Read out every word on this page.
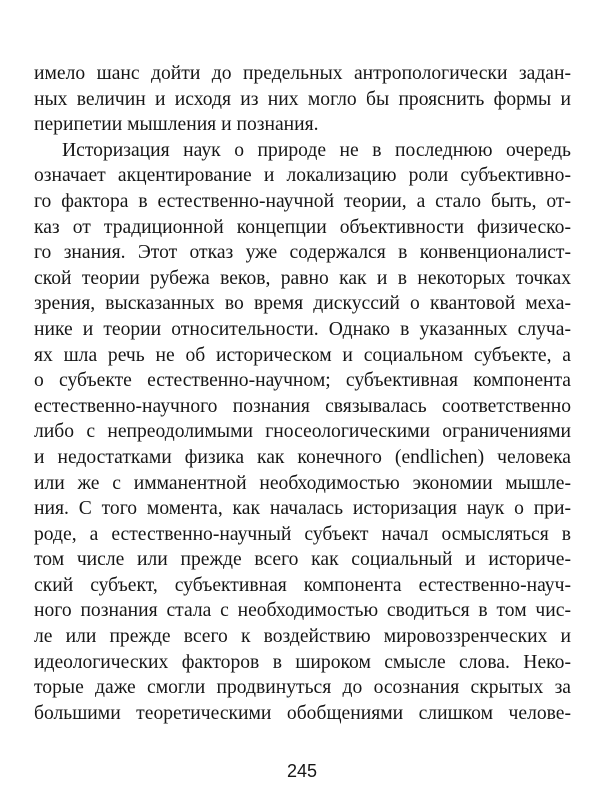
имело шанс дойти до предельных антропологически задан-
ных величин и исходя из них могло бы прояснить формы и
перипетии мышления и познания.
Историзация наук о природе не в последнюю очередь
означает акцентирование и локализацию роли субъективно-
го фактора в естественно-научной теории, а стало быть, от-
каз от традиционной концепции объективности физическо-
го знания. Этот отказ уже содержался в конвенционалист-
ской теории рубежа веков, равно как и в некоторых точках
зрения, высказанных во время дискуссий о квантовой меха-
нике и теории относительности. Однако в указанных случа-
ях шла речь не об историческом и социальном субъекте, а
о субъекте естественно-научном; субъективная компонента
естественно-научного познания связывалась соответственно
либо с непреодолимыми гносеологическими ограничениями
и недостатками физика как конечного (endlichen) человека
или же с имманентной необходимостью экономии мышле-
ния. С того момента, как началась историзация наук о при-
роде, а естественно-научный субъект начал осмысляться в
том числе или прежде всего как социальный и историче-
ский субъект, субъективная компонента естественно-науч-
ного познания стала с необходимостью сводиться в том чис-
ле или прежде всего к воздействию мировоззренческих и
идеологических факторов в широком смысле слова. Неко-
торые даже смогли продвинуться до осознания скрытых за
большими теоретическими обобщениями слишком челове-
245
